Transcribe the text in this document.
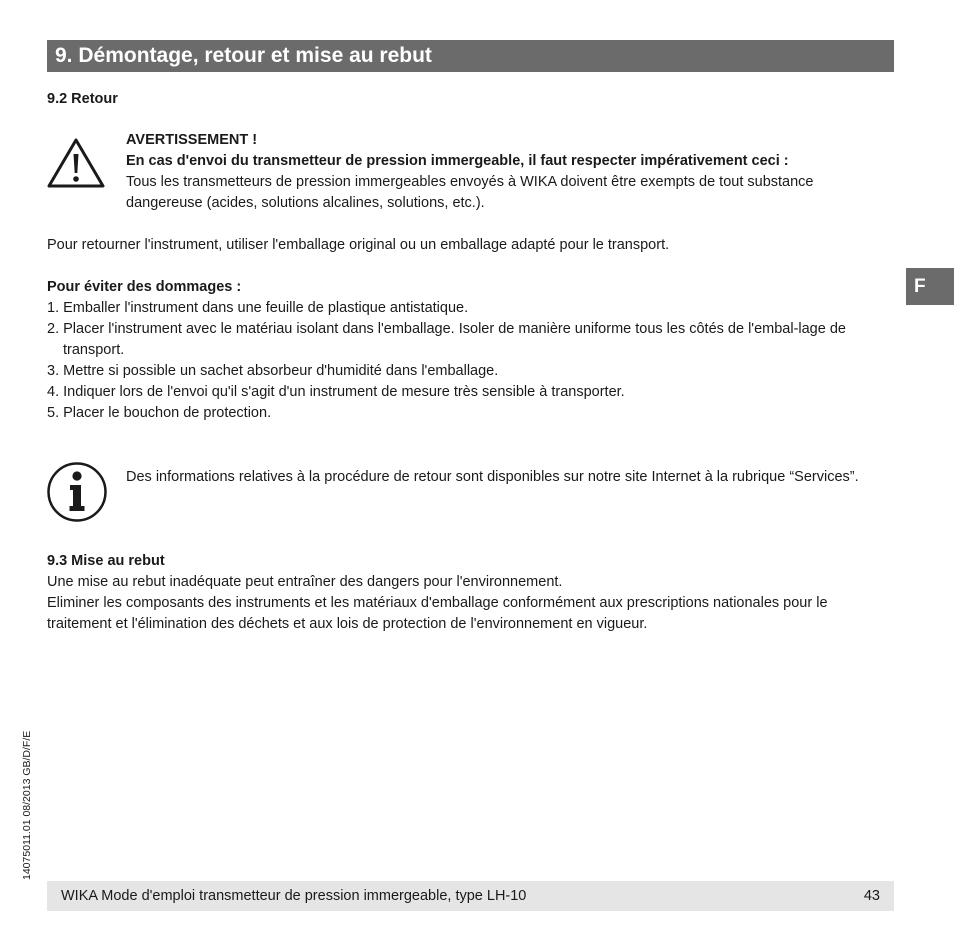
9. Démontage, retour et mise au rebut
F
9.2 Retour

AVERTISSEMENT !

En cas d'envoi du transmetteur de pression immergeable, il faut respecter impérativement ceci :

Tous les transmetteurs de pression immergeables envoyés à WIKA doivent être exempts de tout substance dangereuse (acides, solutions alcalines, solutions, etc.).

Pour retourner l'instrument, utiliser l'emballage original ou un emballage adapté pour le transport.

Pour éviter des dommages :

1. Emballer l'instrument dans une feuille de plastique antistatique.
2. Placer l'instrument avec le matériau isolant dans l'emballage. Isoler de manière uniforme tous les côtés de l'embal-lage de transport.
3. Mettre si possible un sachet absorbeur d'humidité dans l'emballage.
4. Indiquer lors de l'envoi qu'il s'agit d'un instrument de mesure très sensible à transporter.
5. Placer le bouchon de protection.

Des informations relatives à la procédure de retour sont disponibles sur notre site Internet à la rubrique “Services”.

9.3 Mise au rebut

Une mise au rebut inadéquate peut entraîner des dangers pour l'environnement.

Eliminer les composants des instruments et les matériaux d'emballage conformément aux prescriptions nationales pour le traitement et l'élimination des déchets et aux lois de protection de l'environnement en vigueur.

14075011.01 08/2013 GB/D/F/E
WIKA Mode d'emploi transmetteur de pression immergeable, type LH-10	43
